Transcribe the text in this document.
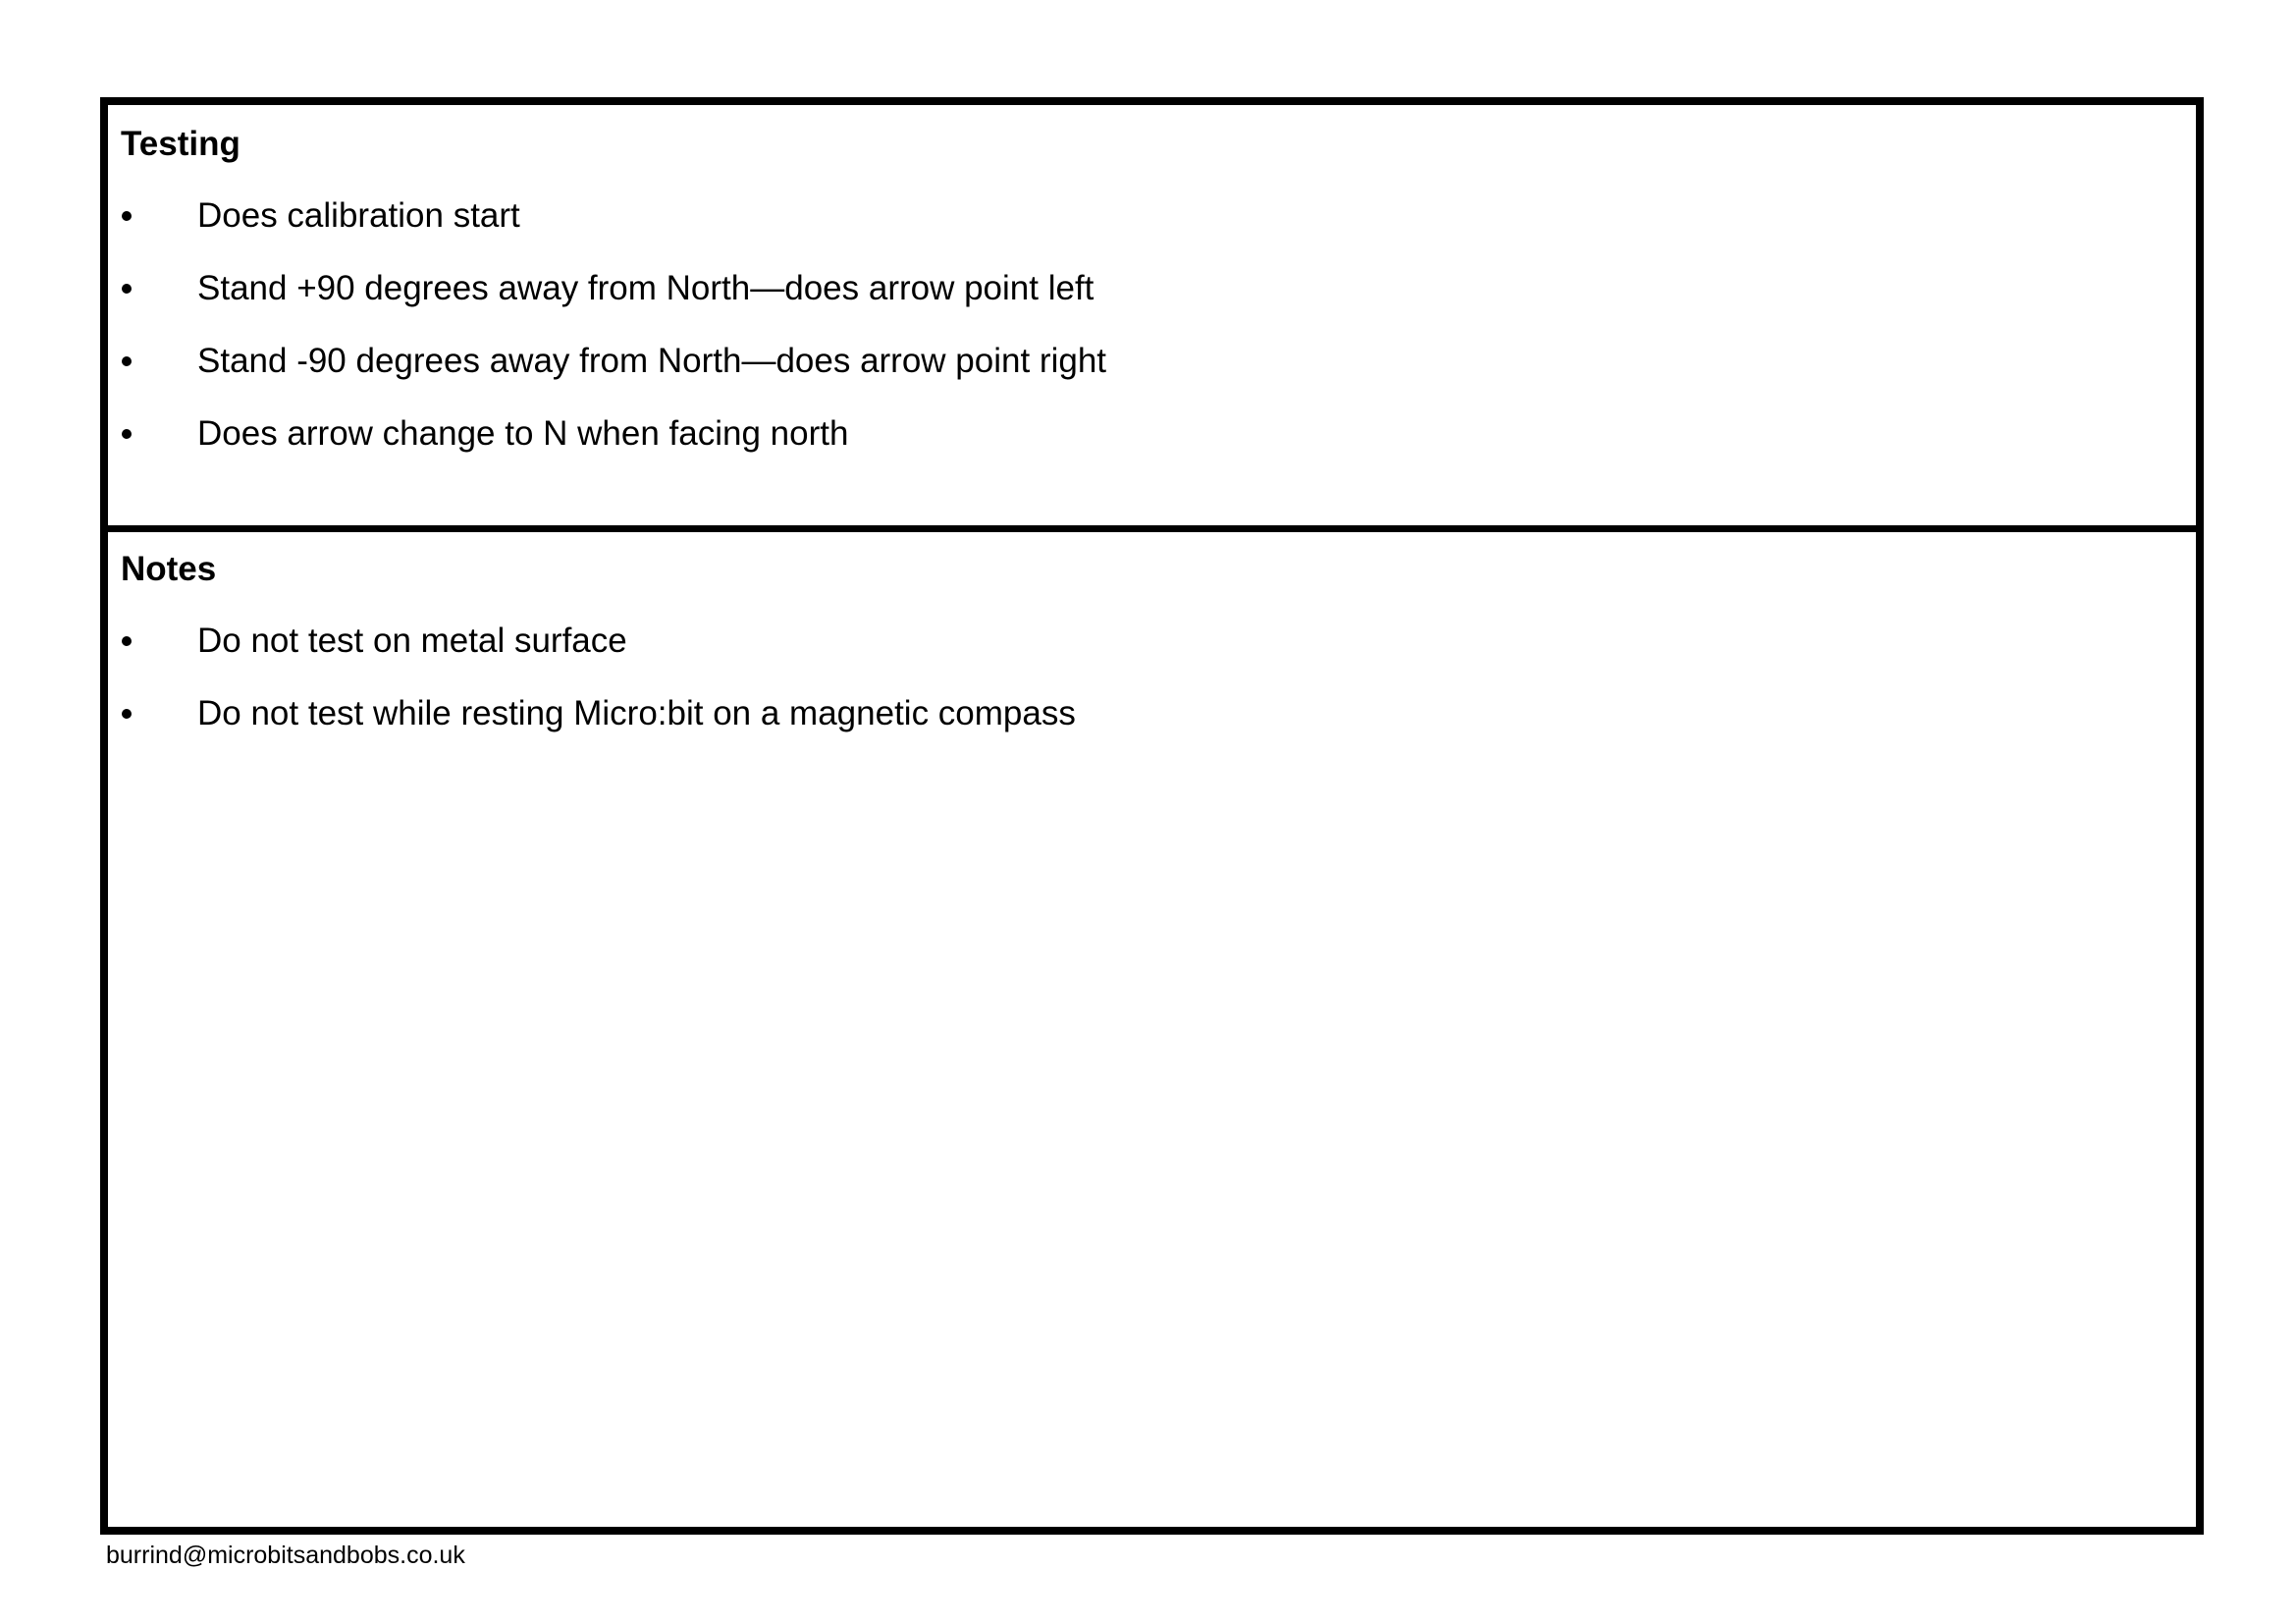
Testing
Does calibration start
Stand +90 degrees away from North—does arrow point left
Stand -90 degrees away from North—does arrow point right
Does arrow change to N when facing north
Notes
Do not test on metal surface
Do not test while resting Micro:bit on a magnetic compass
burrind@microbitsandbobs.co.uk
